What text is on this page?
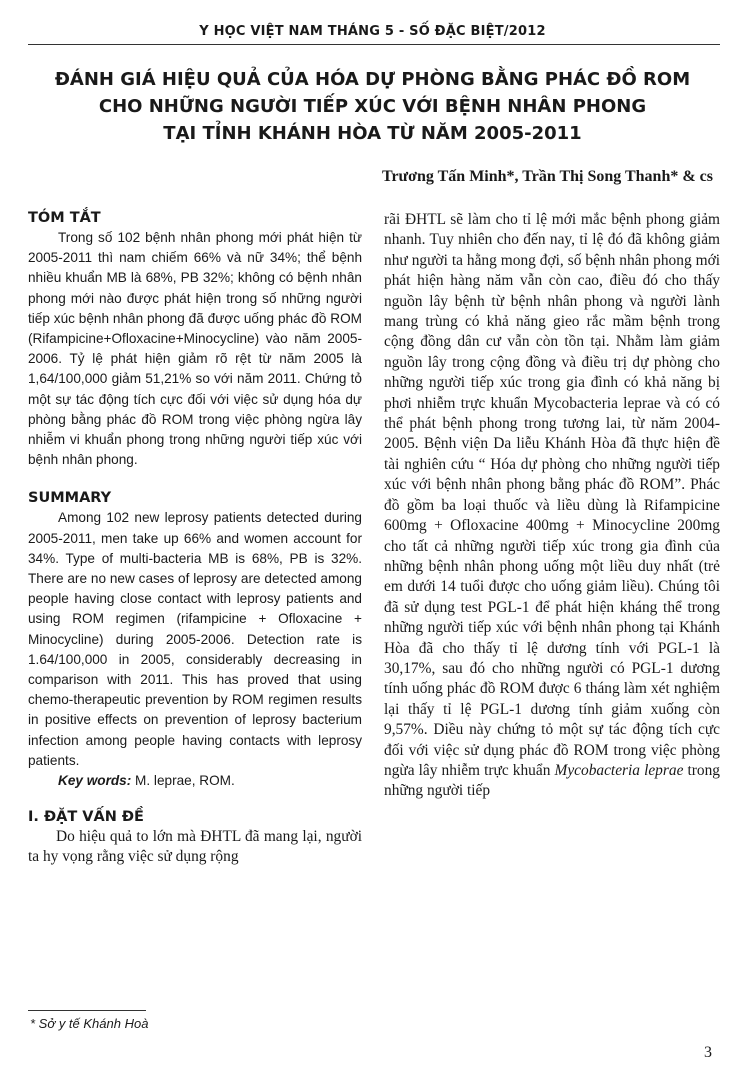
Y HỌC VIỆT NAM THÁNG 5 - SỐ ĐẶC BIỆT/2012
ĐÁNH GIÁ HIỆU QUẢ CỦA HÓA DỰ PHÒNG BẰNG PHÁC ĐỒ ROM
CHO NHỮNG NGƯỜI TIẾP XÚC VỚI BỆNH NHÂN PHONG
TẠI TỈNH KHÁNH HÒA TỪ NĂM 2005-2011
Trương Tấn Minh*, Trần Thị Song Thanh* & cs
TÓM TẮT

Trong số 102 bệnh nhân phong mới phát hiện từ 2005-2011 thì nam chiếm 66% và nữ 34%; thể bệnh nhiều khuẩn MB là 68%, PB 32%; không có bệnh nhân phong mới nào được phát hiện trong số những người tiếp xúc bệnh nhân phong đã được uống phác đồ ROM (Rifampicine+Ofloxacine+Minocycline) vào năm 2005-2006. Tỷ lệ phát hiện giảm rõ rệt từ năm 2005 là 1,64/100,000 giảm 51,21% so với năm 2011. Chứng tỏ một sự tác động tích cực đối với việc sử dụng hóa dự phòng bằng phác đồ ROM trong việc phòng ngừa lây nhiễm vi khuẩn phong trong những người tiếp xúc với bệnh nhân phong.

SUMMARY

Among 102 new leprosy patients detected during 2005-2011, men take up 66% and women account for 34%. Type of multi-bacteria MB is 68%, PB is 32%. There are no new cases of leprosy are detected among people having close contact with leprosy patients and using ROM regimen (rifampicine + Ofloxacine + Minocycline) during 2005-2006. Detection rate is 1.64/100,000 in 2005, considerably decreasing in comparison with 2011. This has proved that using chemo-therapeutic prevention by ROM regimen results in positive effects on prevention of leprosy bacterium infection among people having contacts with leprosy patients.

Key words: M. leprae, ROM.

I. ĐẶT VẤN ĐỀ

Do hiệu quả to lớn mà ĐHTL đã mang lại, người ta hy vọng rằng việc sử dụng rộng

rãi ĐHTL sẽ làm cho tỉ lệ mới mắc bệnh phong giảm nhanh. Tuy nhiên cho đến nay, tỉ lệ đó đã không giảm như người ta hằng mong đợi, số bệnh nhân phong mới phát hiện hàng năm vẫn còn cao, điều đó cho thấy nguồn lây bệnh từ bệnh nhân phong và người lành mang trùng có khả năng gieo rắc mầm bệnh trong cộng đồng dân cư vẫn còn tồn tại. Nhằm làm giảm nguồn lây trong cộng đồng và điều trị dự phòng cho những người tiếp xúc trong gia đình có khả năng bị phơi nhiễm trực khuẩn Mycobacteria leprae và có có thể phát bệnh phong trong tương lai, từ năm 2004-2005. Bệnh viện Da liễu Khánh Hòa đã thực hiện đề tài nghiên cứu “ Hóa dự phòng cho những người tiếp xúc với bệnh nhân phong bằng phác đồ ROM”. Phác đồ gồm ba loại thuốc và liều dùng là Rifampicine 600mg + Ofloxacine 400mg + Minocycline 200mg cho tất cả những người tiếp xúc trong gia đình của những bệnh nhân phong uống một liều duy nhất (trẻ em dưới 14 tuổi được cho uống giảm liều). Chúng tôi đã sử dụng test PGL-1 để phát hiện kháng thể trong những người tiếp xúc với bệnh nhân phong tại Khánh Hòa đã cho thấy tỉ lệ dương tính với PGL-1 là 30,17%, sau đó cho những người có PGL-1 dương tính uống phác đồ ROM được 6 tháng làm xét nghiệm lại thấy tỉ lệ PGL-1 dương tính giảm xuống còn 9,57%. Diều này chứng tỏ một sự tác động tích cực đối với việc sử dụng phác đồ ROM trong việc phòng ngừa lây nhiễm trực khuẩn Mycobacteria leprae trong những người tiếp

* Sở y tế Khánh Hoà
3
